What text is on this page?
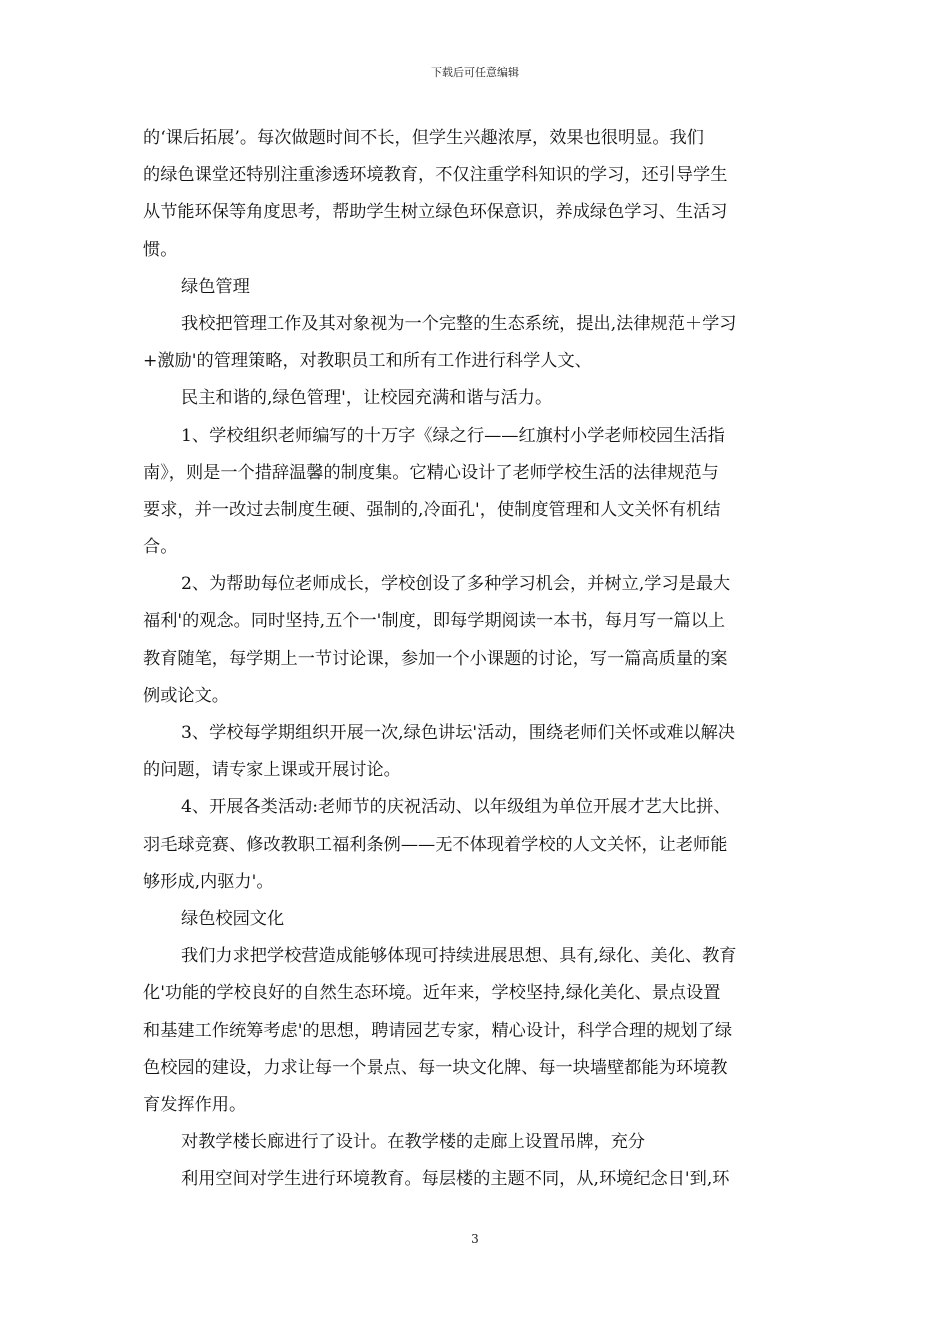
下载后可任意编辑
的‘课后拓展’。每次做题时间不长，但学生兴趣浓厚，效果也很明显。我们
的绿色课堂还特别注重渗透环境教育，不仅注重学科知识的学习，还引导学生
从节能环保等角度思考，帮助学生树立绿色环保意识，养成绿色学习、生活习
惯。
绿色管理
我校把管理工作及其对象视为一个完整的生态系统，提出,法律规范＋学习
+激励'的管理策略，对教职员工和所有工作进行科学人文、
民主和谐的,绿色管理'，让校园充满和谐与活力。
1、学校组织老师编写的十万字《绿之行——红旗村小学老师校园生活指
南》，则是一个措辞温馨的制度集。它精心设计了老师学校生活的法律规范与
要求，并一改过去制度生硬、强制的,冷面孔'，使制度管理和人文关怀有机结
合。
2、为帮助每位老师成长，学校创设了多种学习机会，并树立,学习是最大
福利'的观念。同时坚持,五个一'制度，即每学期阅读一本书，每月写一篇以上
教育随笔，每学期上一节讨论课，参加一个小课题的讨论，写一篇高质量的案
例或论文。
3、学校每学期组织开展一次,绿色讲坛'活动，围绕老师们关怀或难以解决
的问题，请专家上课或开展讨论。
4、开展各类活动:老师节的庆祝活动、以年级组为单位开展才艺大比拼、
羽毛球竞赛、修改教职工福利条例——无不体现着学校的人文关怀，让老师能
够形成,内驱力'。
绿色校园文化
我们力求把学校营造成能够体现可持续进展思想、具有,绿化、美化、教育
化'功能的学校良好的自然生态环境。近年来，学校坚持,绿化美化、景点设置
和基建工作统筹考虑'的思想，聘请园艺专家，精心设计，科学合理的规划了绿
色校园的建设，力求让每一个景点、每一块文化牌、每一块墙壁都能为环境教
育发挥作用。
对教学楼长廊进行了设计。在教学楼的走廊上设置吊牌，充分
利用空间对学生进行环境教育。每层楼的主题不同，从,环境纪念日'到,环
3
